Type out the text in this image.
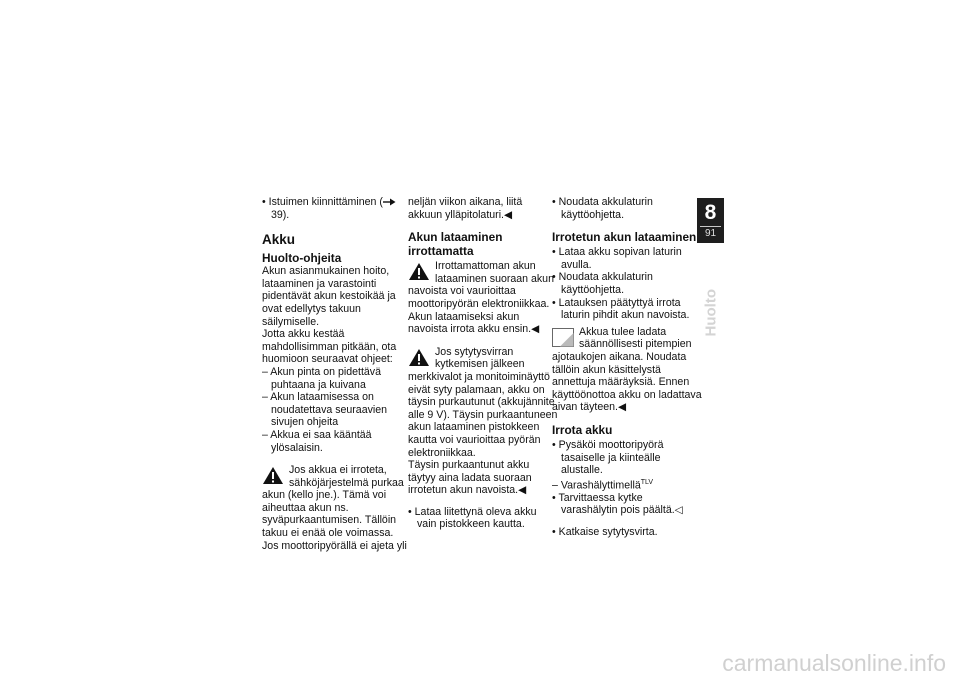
• Istuimen kiinnittäminen ( 39).

Akku

Huolto-ohjeita

Akun asianmukainen hoito, lataaminen ja varastointi pidentävät akun kestoikää ja ovat edellytys takuun säilymiselle.

Jotta akku kestää mahdollisimman pitkään, ota huomioon seuraavat ohjeet:

– Akun pinta on pidettävä puhtaana ja kuivana

– Akun lataamisessa on noudatettava seuraavien sivujen ohjeita

– Akkua ei saa kääntää ylösalaisin.

Jos akkua ei irroteta, sähköjärjestelmä purkaa akun (kello jne.). Tämä voi aiheuttaa akun ns. syväpurkaantumisen. Tällöin takuu ei enää ole voimassa.

Jos moottoripyörällä ei ajeta yli

neljän viikon aikana, liitä akkuun ylläpitolaturi.◀

Akun lataaminen
irrottamatta

Irrottamattoman akun lataaminen suoraan akun navoista voi vaurioittaa moottoripyörän elektroniikkaa.

Akun lataamiseksi akun navoista irrota akku ensin.◀

Jos sytytysvirran kytkemisen jälkeen merkkivalot ja monitoiminäyttö eivät syty palamaan, akku on täysin purkautunut (akkujännite alle 9 V). Täysin purkaantuneen akun lataaminen pistokkeen kautta voi vaurioittaa pyörän elektroniikkaa.

Täysin purkaantunut akku täytyy aina ladata suoraan irrotetun akun navoista.◀

• Lataa liitettynä oleva akku vain pistokkeen kautta.

• Noudata akkulaturin käyttöohjetta.

Irrotetun akun lataaminen

• Lataa akku sopivan laturin avulla.

• Noudata akkulaturin käyttöohjetta.

• Latauksen päätyttyä irrota laturin pihdit akun navoista.

Akkua tulee ladata säännöllisesti pitempien ajotaukojen aikana. Noudata tällöin akun käsittelystä annettuja määräyksiä. Ennen käyttöönottoa akku on ladattava aivan täyteen.◀

Irrota akku

• Pysäköi moottoripyörä tasaiselle ja kiinteälle alustalle.

– Varashälyttimellä$^{TLV}$

• Tarvittaessa kytke varashälytin pois päältä.◁

• Katkaise sytytysvirta.

8
91
Huolto
carmanualsonline.info
